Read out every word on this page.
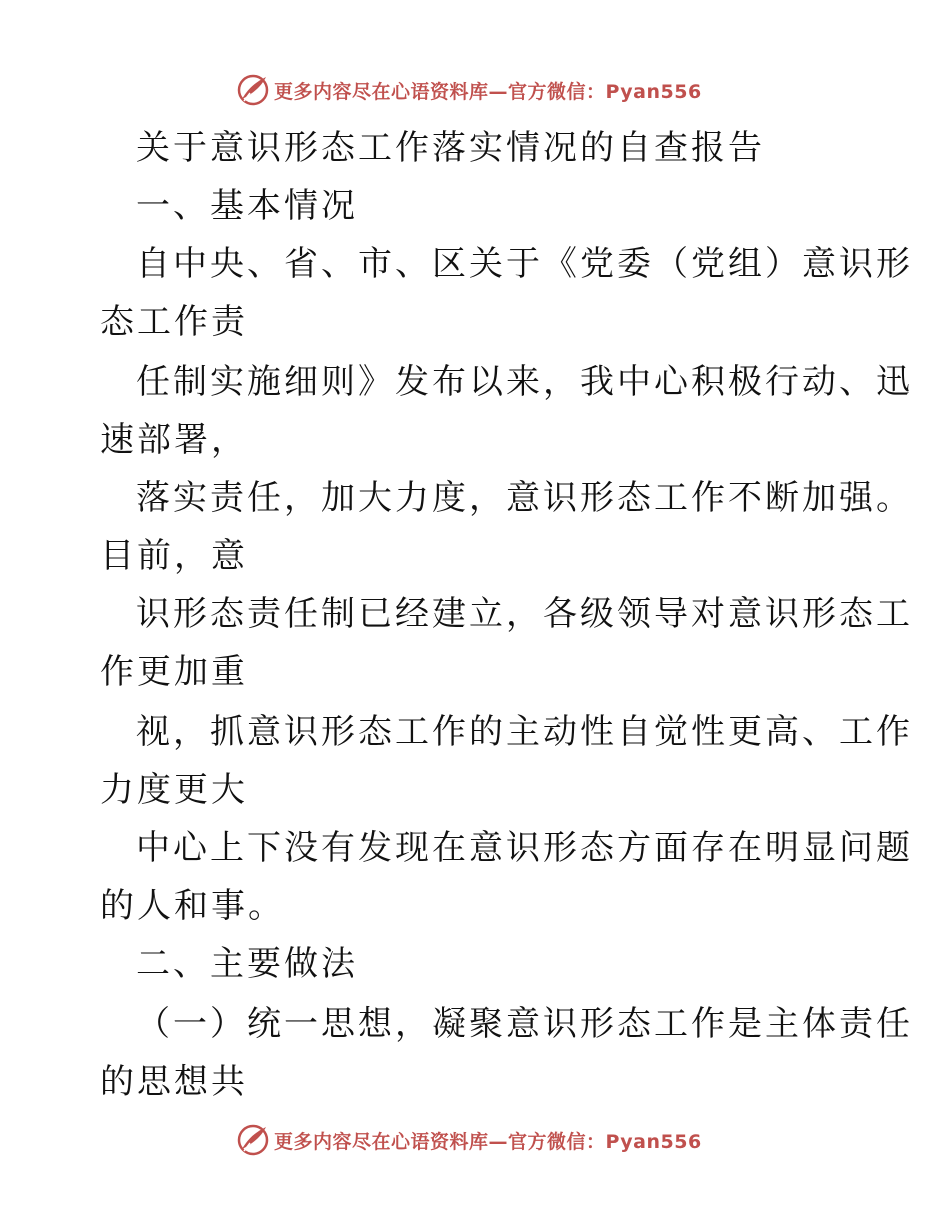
更多内容尽在心语资料库—官方微信：Pyan556
关于意识形态工作落实情况的自查报告
一、基本情况
自中央、省、市、区关于《党委（党组）意识形
态工作责
任制实施细则》发布以来，我中心积极行动、迅
速部署，
落实责任，加大力度，意识形态工作不断加强。
目前，意
识形态责任制已经建立，各级领导对意识形态工
作更加重
视，抓意识形态工作的主动性自觉性更高、工作
力度更大
中心上下没有发现在意识形态方面存在明显问题
的人和事。
二、主要做法
（一）统一思想，凝聚意识形态工作是主体责任
的思想共
更多内容尽在心语资料库—官方微信：Pyan556
